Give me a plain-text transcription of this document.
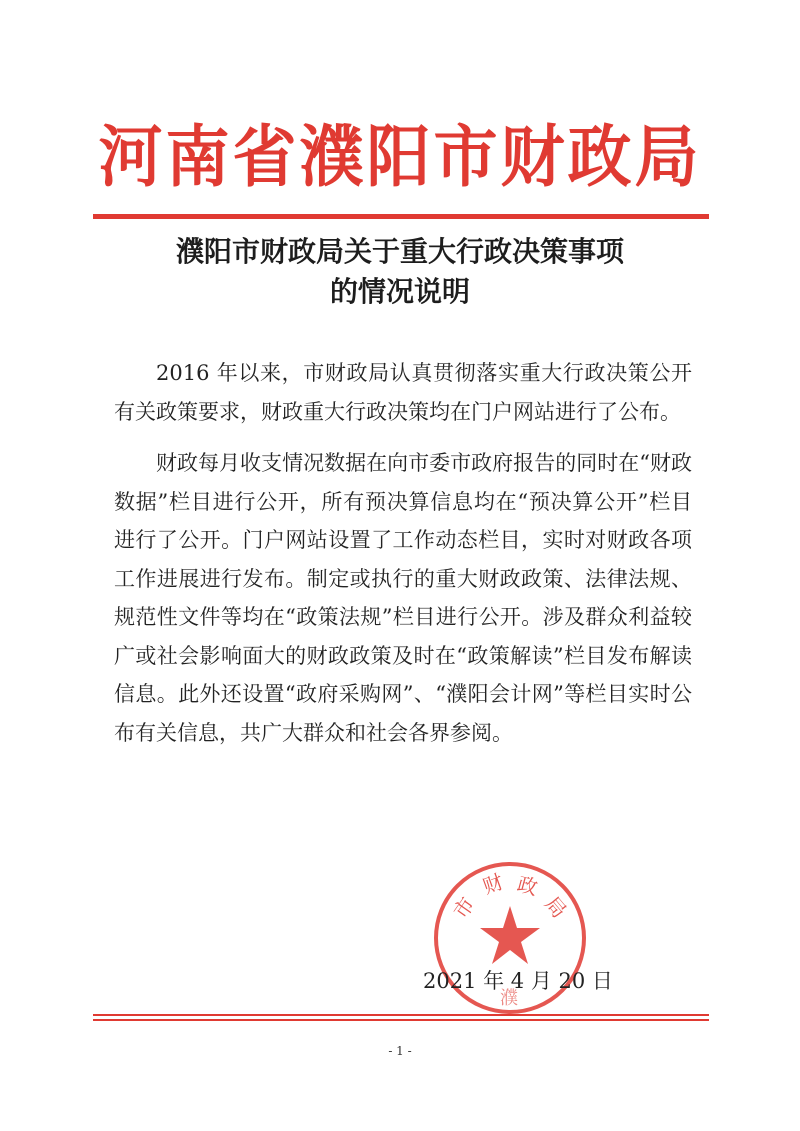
河南省濮阳市财政局
濮阳市财政局关于重大行政决策事项
的情况说明

2016 年以来，市财政局认真贯彻落实重大行政决策公开有关政策要求，财政重大行政决策均在门户网站进行了公布。

财政每月收支情况数据在向市委市政府报告的同时在“财政数据”栏目进行公开，所有预决算信息均在“预决算公开”栏目进行了公开。门户网站设置了工作动态栏目，实时对财政各项工作进展进行发布。制定或执行的重大财政政策、法律法规、规范性文件等均在“政策法规”栏目进行公开。涉及群众利益较广或社会影响面大的财政政策及时在“政策解读”栏目发布解读信息。此外还设置“政府采购网”、“濮阳会计网”等栏目实时公布有关信息，共广大群众和社会各界参阅。

市
财 政
局
濮
2021 年 4 月 20 日
- 1 -
